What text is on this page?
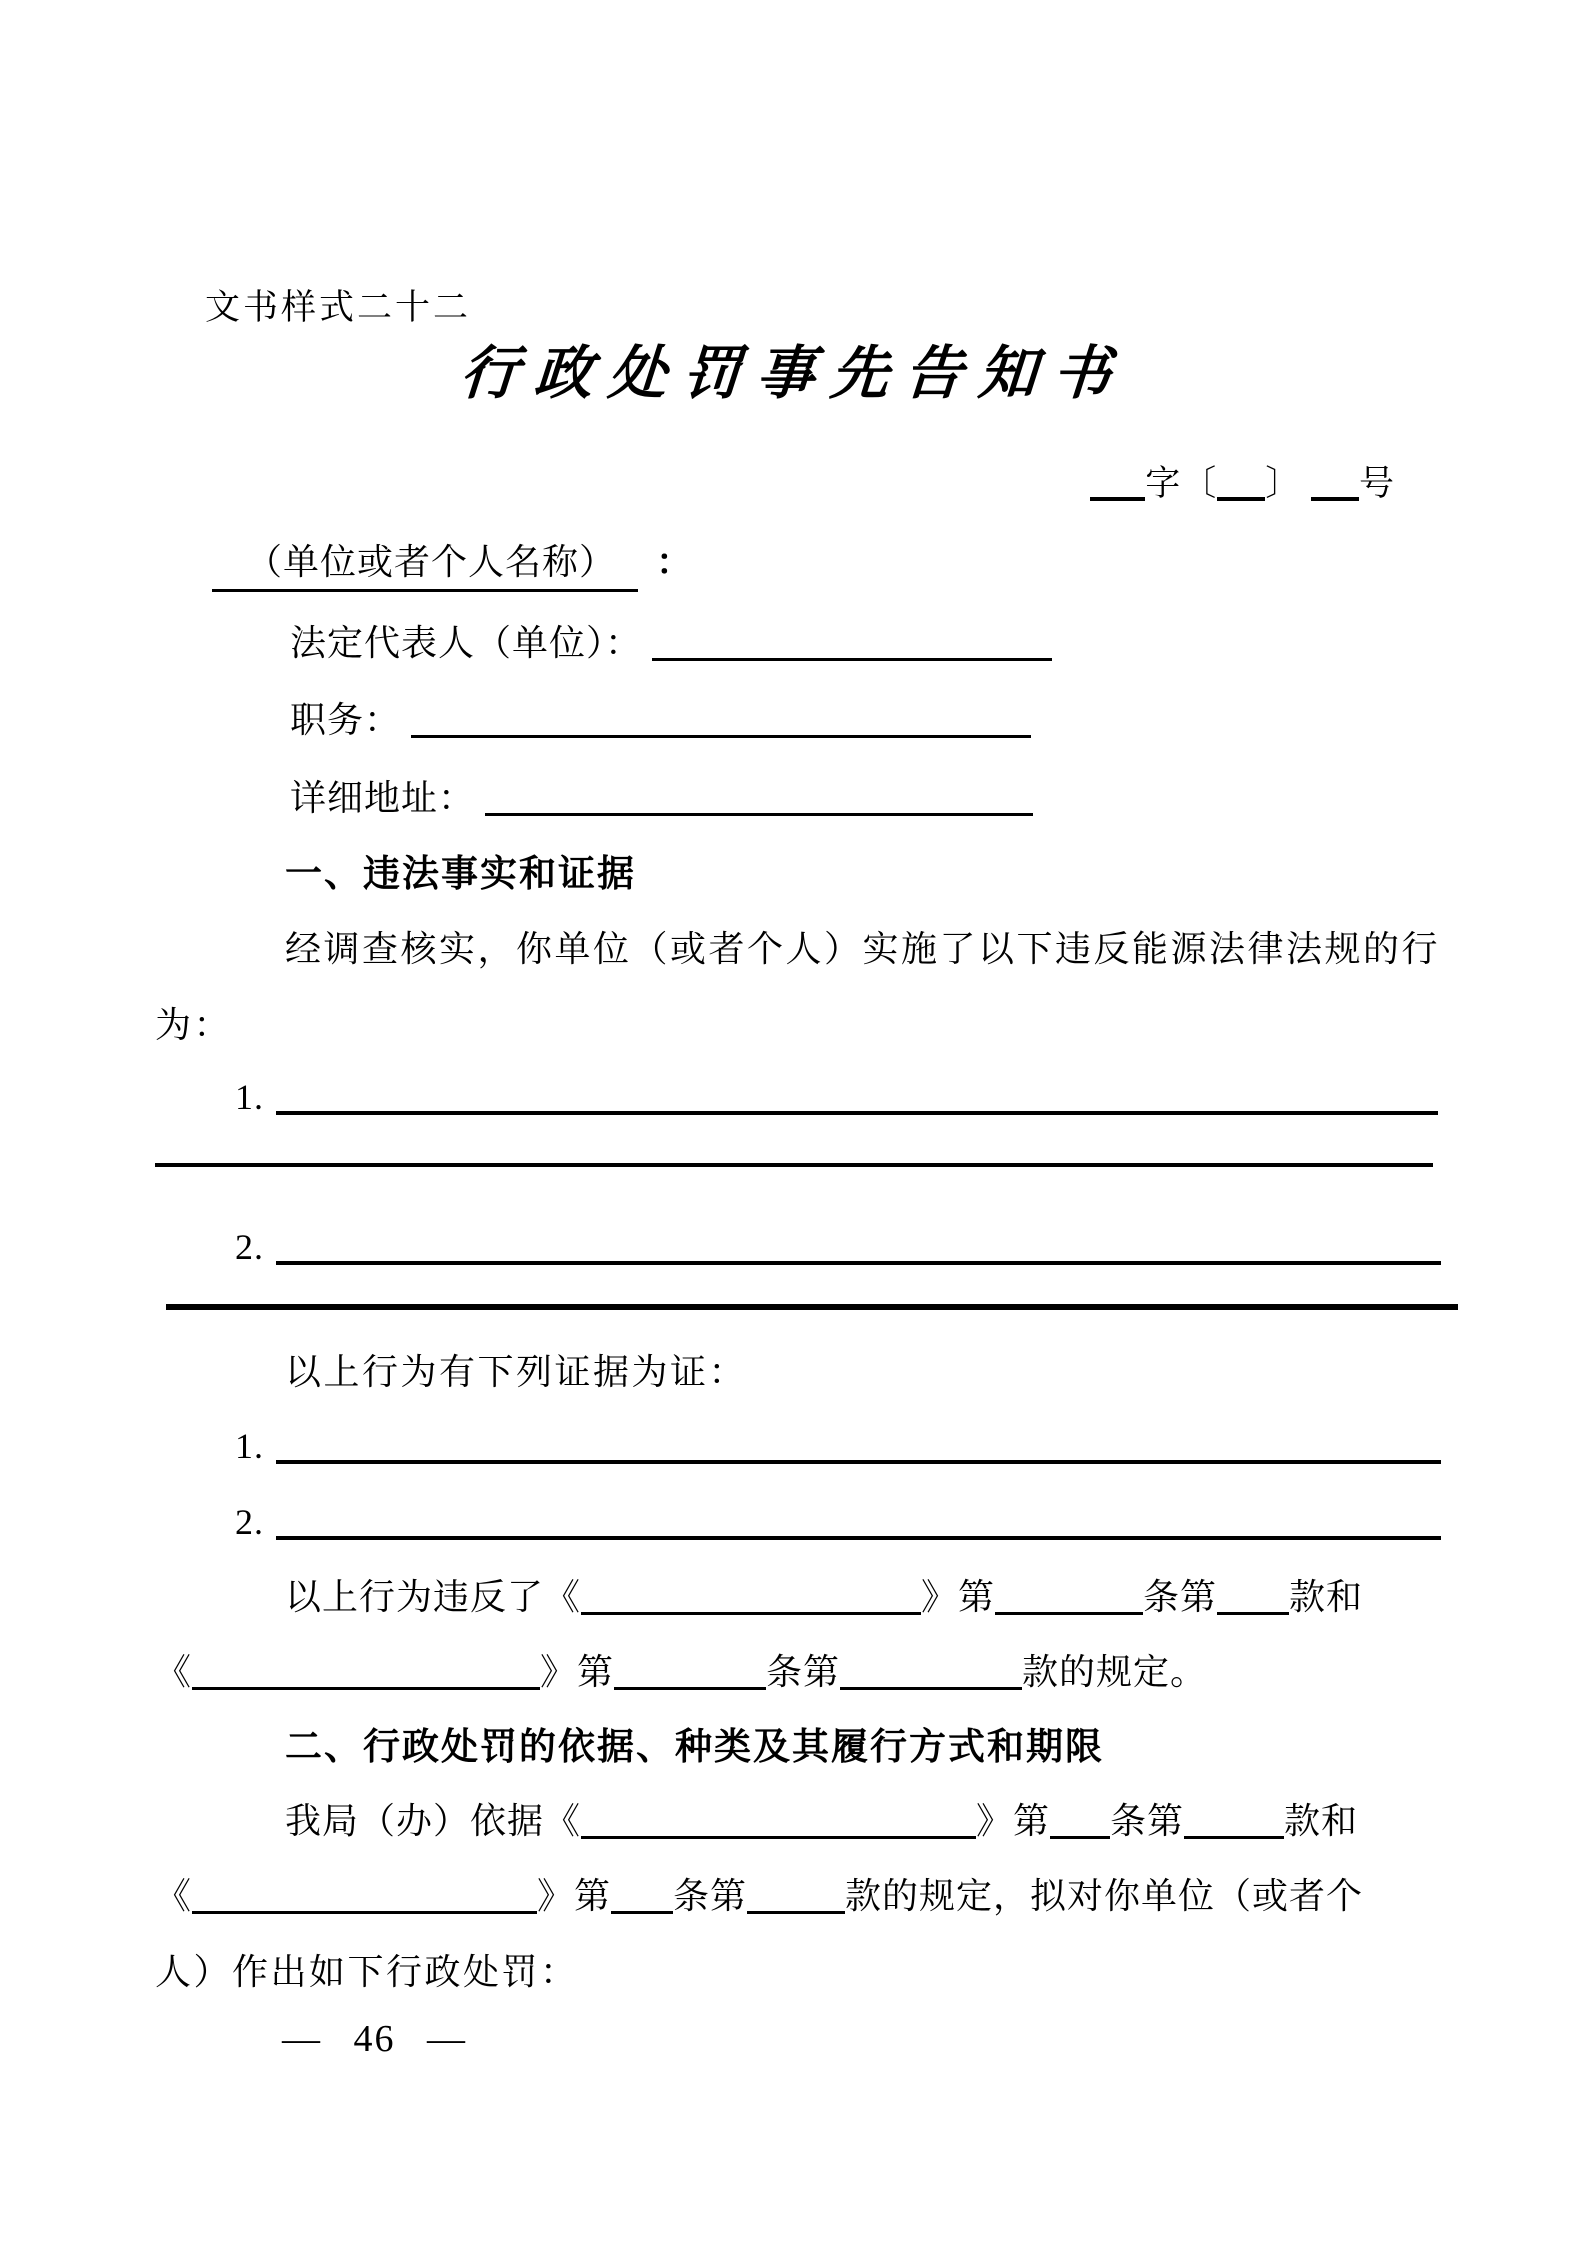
文书样式二十二
行政处罚事先告知书
字〔 〕 号
（单位或者个人名称） ：
法定代表人（单位）：
职务：
详细地址：
一、违法事实和证据
经调查核实，你单位（或者个人）实施了以下违反能源法律法规的行
为：
1.
2.
以上行为有下列证据为证：
1.
2.
以上行为违反了《	》第	条第 款和
《	》第	条第	款的规定。
二、行政处罚的依据、种类及其履行方式和期限
我局（办）依据《	》第 条第	款和
《	》第 条第	款的规定，拟对你单位（或者个
人）作出如下行政处罚：
— 46 —
